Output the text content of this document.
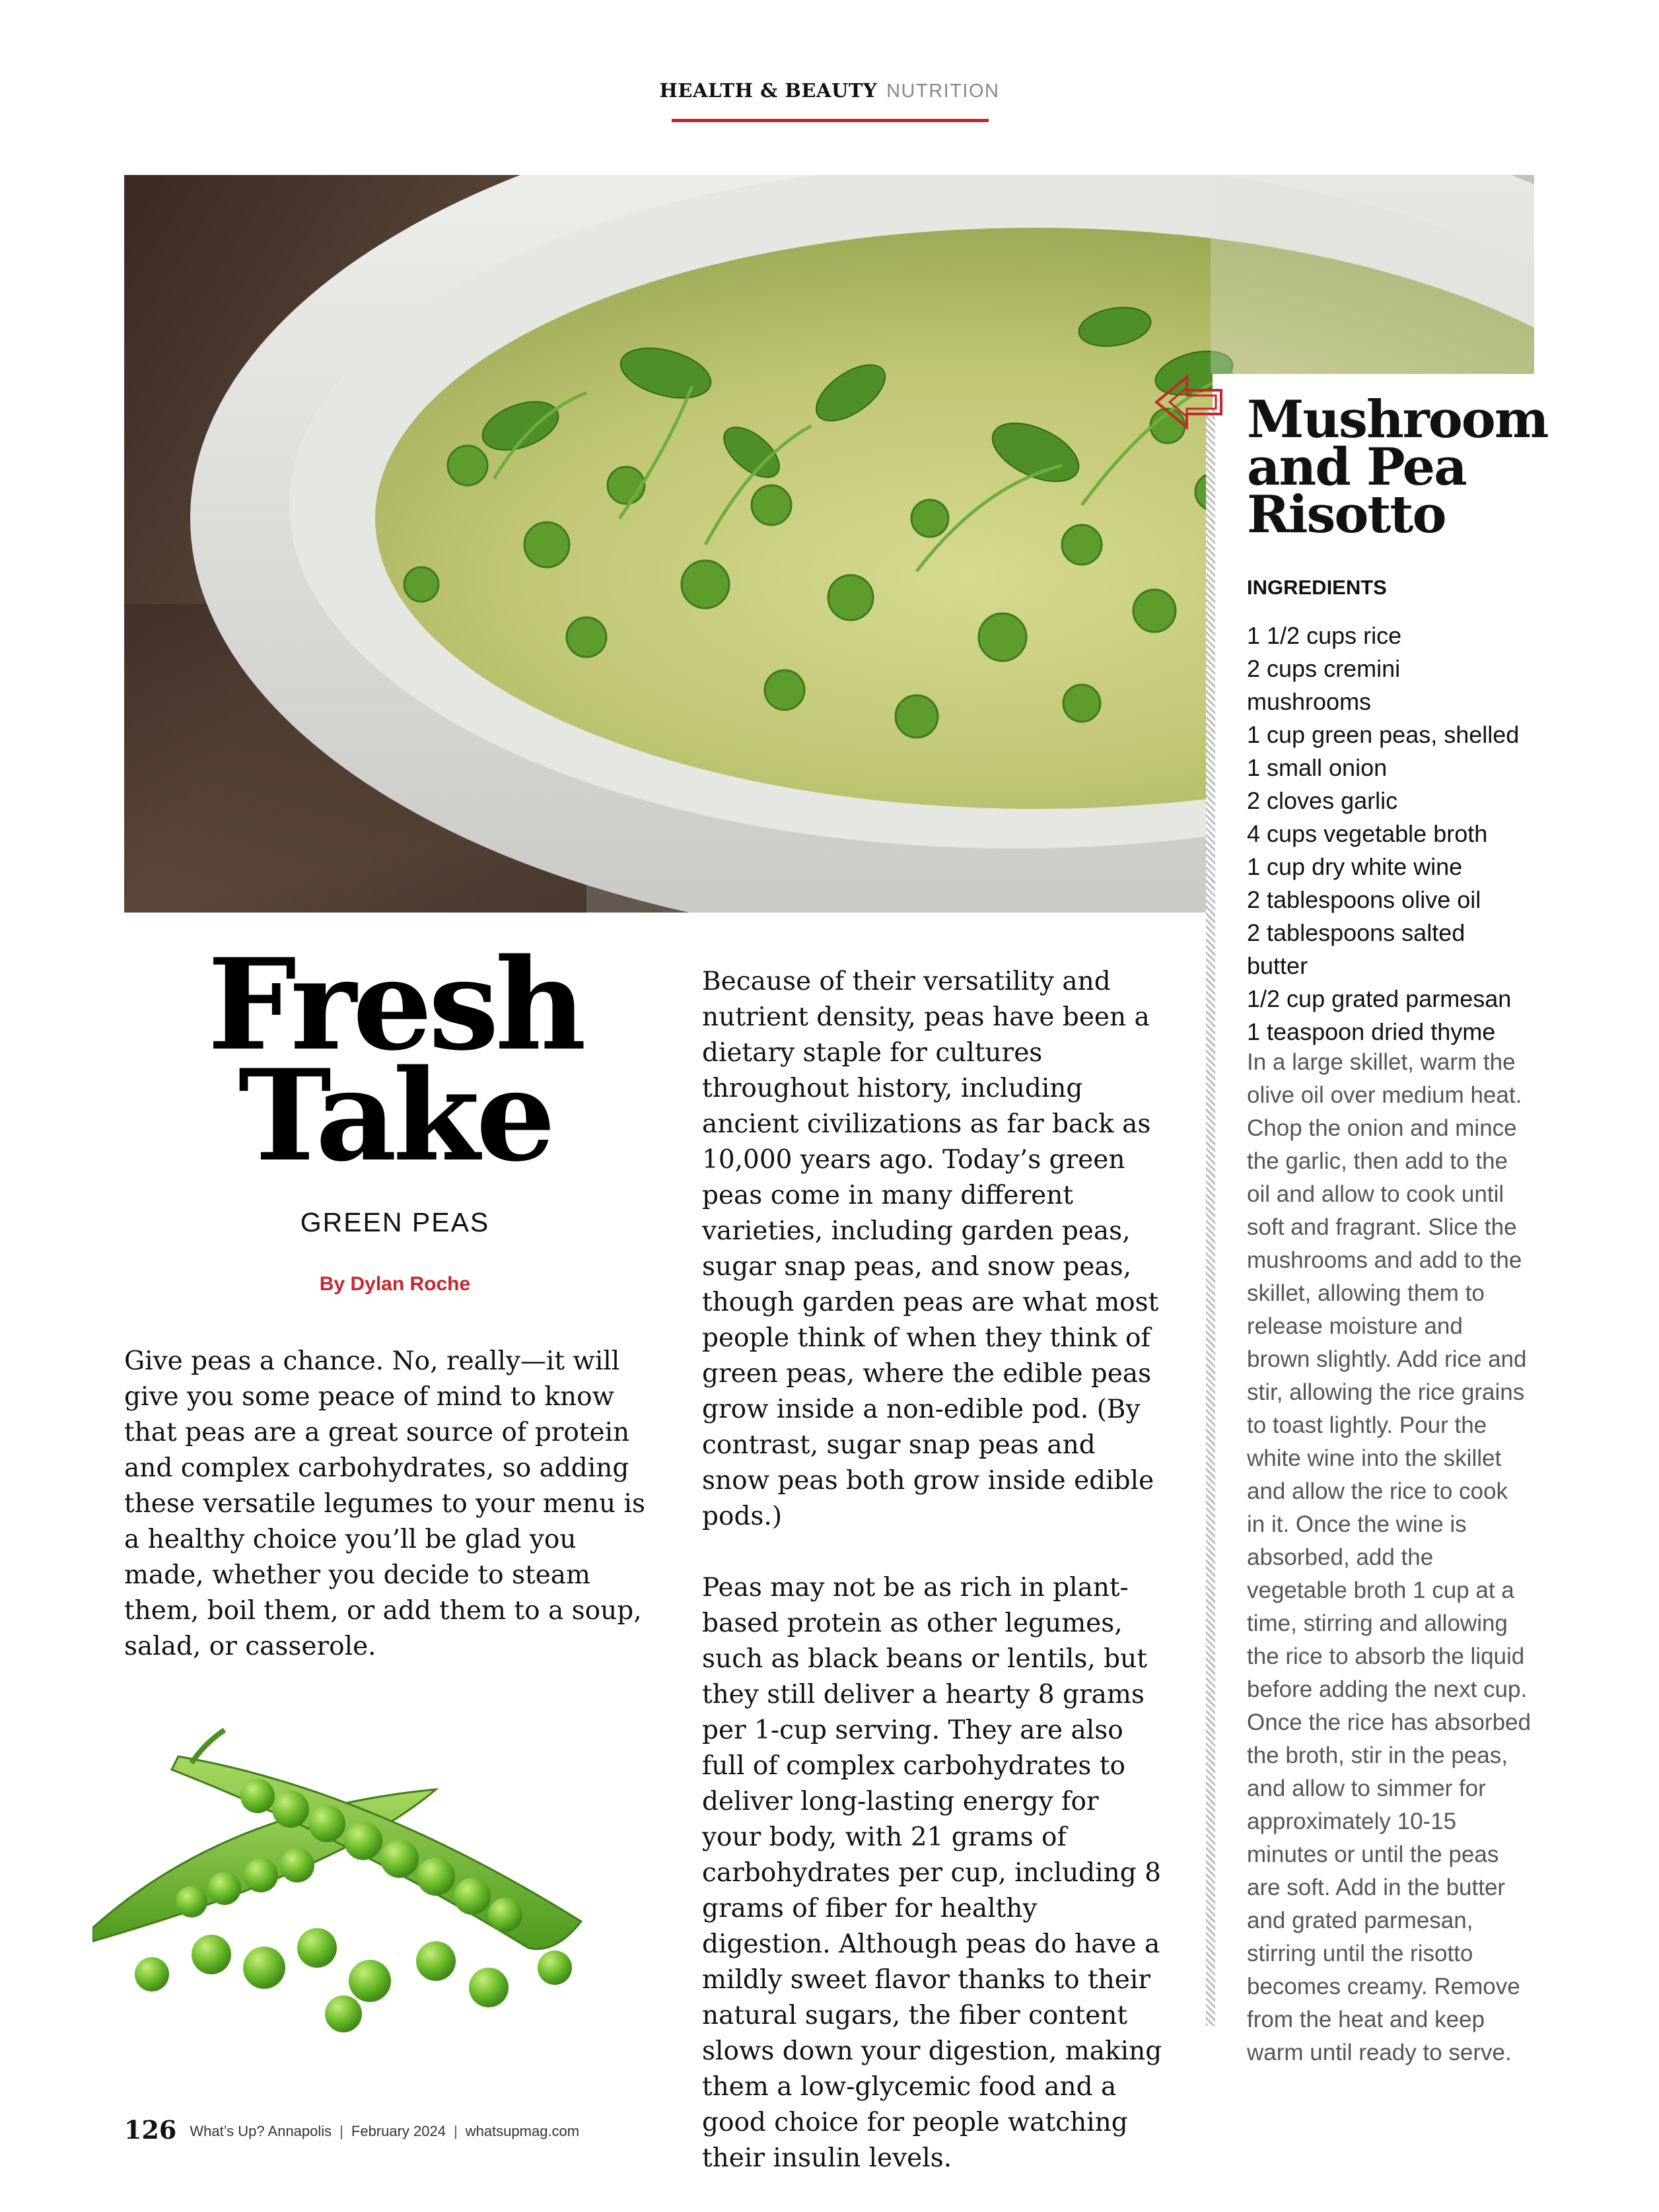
HEALTH & BEAUTY NUTRITION
Mushroom
and Pea
Risotto
INGREDIENTS
1 1/2 cups rice
2 cups cremini mushrooms
1 cup green peas, shelled
1 small onion
2 cloves garlic
4 cups vegetable broth
1 cup dry white wine
2 tablespoons olive oil
2 tablespoons salted butter
1/2 cup grated parmesan
1 teaspoon dried thyme

In a large skillet, warm the olive oil over medium heat. Chop the onion and mince the garlic, then add to the oil and allow to cook until soft and fragrant. Slice the mushrooms and add to the skillet, allowing them to release moisture and brown slightly. Add rice and stir, allowing the rice grains to toast lightly. Pour the white wine into the skillet and allow the rice to cook in it. Once the wine is absorbed, add the vegetable broth 1 cup at a time, stirring and allowing the rice to absorb the liquid before adding the next cup. Once the rice has absorbed the broth, stir in the peas, and allow to simmer for approximately 10-15 minutes or until the peas are soft. Add in the butter and grated parmesan, stirring until the risotto becomes creamy. Remove from the heat and keep warm until ready to serve.

Fresh
Take
GREEN PEAS
By Dylan Roche

Give peas a chance. No, really—it will give you some peace of mind to know that peas are a great source of protein and complex carbohydrates, so adding these versatile legumes to your menu is a healthy choice you’ll be glad you made, whether you decide to steam them, boil them, or add them to a soup, salad, or casserole.

Because of their versatility and nutrient density, peas have been a dietary staple for cultures throughout history, including ancient civilizations as far back as 10,000 years ago. Today’s green peas come in many different varieties, including garden peas, sugar snap peas, and snow peas, though garden peas are what most people think of when they think of green peas, where the edible peas grow inside a non-edible pod. (By contrast, sugar snap peas and snow peas both grow inside edible pods.)

Peas may not be as rich in plant-based protein as other legumes, such as black beans or lentils, but they still deliver a hearty 8 grams per 1-cup serving. They are also full of complex carbohydrates to deliver long-lasting energy for your body, with 21 grams of carbohydrates per cup, including 8 grams of fiber for healthy digestion. Although peas do have a mildly sweet flavor thanks to their natural sugars, the fiber content slows down your digestion, making them a low-glycemic food and a good choice for people watching their insulin levels.

126 What’s Up? Annapolis | February 2024 | whatsupmag.com
